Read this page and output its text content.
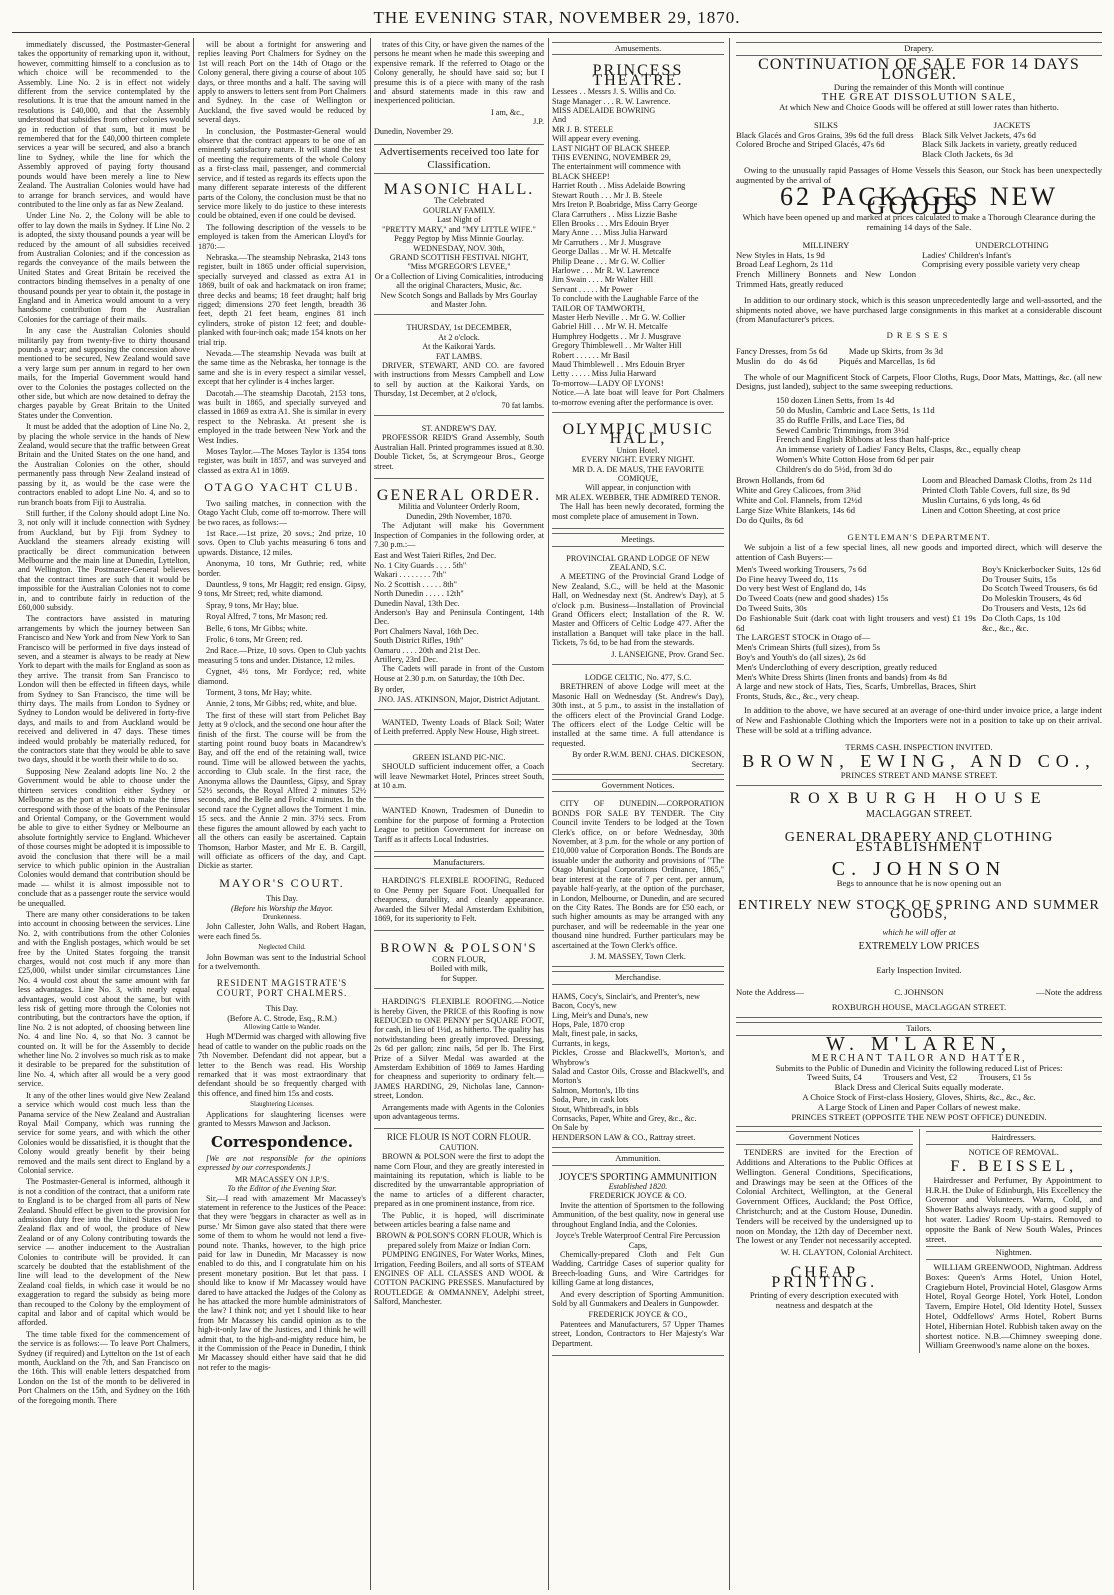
THE EVENING STAR, NOVEMBER 29, 1870.

immediately discussed, the Postmaster-General takes the opportunity of remarking upon it, without, however, committing himself to a conclusion as to which choice will be recommended to the Assembly. Line No. 2 is in effect not widely different from the service contemplated by the resolutions. It is true that the amount named in the resolutions is £40,000, and that the Assembly understood that subsidies from other colonies would go in reduction of that sum, but it must be remembered that for the £40,000 thirteen complete services a year will be secured, and also a branch line to Sydney, while the line for which the Assembly approved of paying forty thousand pounds would have been merely a line to New Zealand. The Australian Colonies would have had to arrange for branch services, and would have contributed to the line only as far as New Zealand.

Under Line No. 2, the Colony will be able to offer to lay down the mails in Sydney. If Line No. 2 is adopted, the sixty thousand pounds a year will be reduced by the amount of all subsidies received from Australian Colonies; and if the concession as regards the conveyance of the mails between the United States and Great Britain be received the contractors binding themselves in a penalty of one thousand pounds per year to obtain it, the postage in England and in America would amount to a very handsome contribution from the Australian Colonies for the carriage of their mails.

In any case the Australian Colonies should militarily pay from twenty-five to thirty thousand pounds a year; and supposing the concession above mentioned to be secured, New Zealand would save a very large sum per annum in regard to her own mails, for the Imperial Government would hand over to the Colonies the postages collected on the other side, but which are now detained to defray the charges payable by Great Britain to the United States under the Convention.

It must be added that the adoption of Line No. 2, by placing the whole service in the hands of New Zealand, would secure that the traffic between Great Britain and the United States on the one hand, and the Australian Colonies on the other, should permanently pass through New Zealand instead of passing by it, as would be the case were the contractors enabled to adopt Line No. 4, and so to run branch boats from Fiji to Australia.

Still further, if the Colony should adopt Line No. 3, not only will it include connection with Sydney from Auckland, but by Fiji from Sydney to Auckland the steamers already existing will practically be direct communication between Melbourne and the main line at Dunedin, Lyttelton, and Wellington. The Postmaster-General believes that the contract times are such that it would be impossible for the Australian Colonies not to come in, and to contribute fairly in reduction of the £60,000 subsidy.

The contractors have assisted in maturing arrangements by which the journey between San Francisco and New York and from New York to San Francisco will be performed in five days instead of seven, and a steamer is always to be ready at New York to depart with the mails for England as soon as they arrive. The transit from San Francisco to London will then be effected in fifteen days, while from Sydney to San Francisco, the time will be thirty days. The mails from London to Sydney or Sydney to London would be delivered in forty-five days, and mails to and from Auckland would be received and delivered in 47 days. These times indeed would probably be materially reduced, for the contractors state that they would be able to save two days, should it be worth their while to do so.

Supposing New Zealand adopts line No. 2 the Government would be able to choose under the thirteen services condition either Sydney or Melbourne as the port at which to make the times correspond with those of the boats of the Peninsular and Oriental Company, or the Government would be able to give to either Sydney or Melbourne an absolute fortnightly service to England. Whichever of those courses might be adopted it is impossible to avoid the conclusion that there will be a mail service to which public opinion in the Australian Colonies would demand that contribution should be made — whilst it is almost impossible not to conclude that as a passenger route the service would be unequalled.

There are many other considerations to be taken into account in choosing between the services. Line No. 2, with contributions from the other Colonies and with the English postages, which would be set free by the United States forgoing the transit charges, would not cost much if any more than £25,000, whilst under similar circumstances Line No. 4 would cost about the same amount with far less advantages. Line No. 3, with nearly equal advantages, would cost about the same, but with less risk of getting more through the Colonies not contributing, but the contractors have the option, if line No. 2 is not adopted, of choosing between line No. 4 and line No. 4, so that No. 3 cannot be counted on. It will be for the Assembly to decide whether line No. 2 involves so much risk as to make it desirable to be prepared for the substitution of line No. 4, which after all would be a very good service.

It any of the other lines would give New Zealand a service which would cost much less than the Panama service of the New Zealand and Australian Royal Mail Company, which was running the service for some years, and with which the other Colonies would be dissatisfied, it is thought that the Colony would greatly benefit by their being removed and the mails sent direct to England by a Colonial service.

The Postmaster-General is informed, although it is not a condition of the contract, that a uniform rate to England is to be charged from all parts of New Zealand. Should effect be given to the provision for admission duty free into the United States of New Zealand flax and of wool, the produce of New Zealand or of any Colony contributing towards the service — another inducement to the Australian Colonies to contribute will be provided. It can scarcely be doubted that the establishment of the line will lead to the development of the New Zealand coal fields, in which case it would be no exaggeration to regard the subsidy as being more than recouped to the Colony by the employment of capital and labor and of capital which would be afforded.

The time table fixed for the commencement of the service is as follows:— To leave Port Chalmers, Sydney (if required) and Lyttelton on the 1st of each month, Auckland on the 7th, and San Francisco on the 16th. This will enable letters despatched from London on the 1st of the month to be delivered in Port Chalmers on the 15th, and Sydney on the 16th of the foregoing month. There

will be about a fortnight for answering and replies leaving Port Chalmers for Sydney on the 1st will reach Port on the 14th of Otago or the Colony general, there giving a course of about 105 days, or three months and a half. The saving will apply to answers to letters sent from Port Chalmers and Sydney. In the case of Wellington or Auckland, the five saved would be reduced by several days.

In conclusion, the Postmaster-General would observe that the contract appears to be one of an eminently satisfactory nature. It will stand the test of meeting the requirements of the whole Colony as a first-class mail, passenger, and commercial service, and if tested as regards its effects upon the many different separate interests of the different parts of the Colony, the conclusion must be that no service more likely to do justice to these interests could be obtained, even if one could be devised.

The following description of the vessels to be employed is taken from the American Lloyd's for 1870:—

Nebraska.—The steamship Nebraska, 2143 tons register, built in 1865 under official supervision, specially surveyed and classed as extra A1 in 1869, built of oak and hackmatack on iron frame; three decks and beams; 18 feet draught; half brig rigged; dimensions 270 feet length, breadth 36 feet, depth 21 feet beam, engines 81 inch cylinders, stroke of piston 12 feet; and double-planked with four-inch oak; made 154 knots on her trial trip.

Nevada.—The steamship Nevada was built at the same time as the Nebraska, her tonnage is the same and she is in every respect a similar vessel, except that her cylinder is 4 inches larger.

Dacotah.—The steamship Dacotah, 2153 tons, was built in 1865, and specially surveyed and classed in 1869 as extra A1. She is similar in every respect to the Nebraska. At present she is employed in the trade between New York and the West Indies.

Moses Taylor.—The Moses Taylor is 1354 tons register, was built in 1857, and was surveyed and classed as extra A1 in 1869.

OTAGO YACHT CLUB.

Two sailing matches, in connection with the Otago Yacht Club, come off to-morrow. There will be two races, as follows:—

1st Race.—1st prize, 20 sovs.; 2nd prize, 10 sovs. Open to Club yachts measuring 6 tons and upwards. Distance, 12 miles.

Anonyma, 10 tons, Mr Guthrie; red, white border.

Dauntless, 9 tons, Mr Haggit; red ensign. Gipsy, 9 tons, Mr Street; red, white diamond.

Spray, 9 tons, Mr Hay; blue.

Royal Alfred, 7 tons, Mr Mason; red.

Belle, 6 tons, Mr Gibbs; white.

Frolic, 6 tons, Mr Green; red.

2nd Race.—Prize, 10 sovs. Open to Club yachts measuring 5 tons and under. Distance, 12 miles.

Cygnet, 4½ tons, Mr Fordyce; red, white diamond.

Torment, 3 tons, Mr Hay; white.

Annie, 2 tons, Mr Gibbs; red, white, and blue.

The first of these will start from Pelichet Bay Jetty at 9 o'clock, and the second one hour after the finish of the first. The course will be from the starting point round buoy boats in Macandrew's Bay, and off the end of the retaining wall, twice round. Time will be allowed between the yachts, according to Club scale. In the first race, the Anonyma allows the Dauntless, Gipsy, and Spray 52½ seconds, the Royal Alfred 2 minutes 52½ seconds, and the Belle and Frolic 4 minutes. In the second race the Cygnet allows the Torment 1 min. 15 secs. and the Annie 2 min. 37½ secs. From these figures the amount allowed by each yacht to all the others can easily be ascertained. Captain Thomson, Harbor Master, and Mr E. B. Cargill, will officiate as officers of the day, and Capt. Dickie as starter.

MAYOR'S COURT.
This Day.
(Before his Worship the Mayor.
Drunkenness.

John Callester, John Walls, and Robert Hagan, were each fined 5s.

Neglected Child.

John Bowman was sent to the Industrial School for a twelvemonth.

RESIDENT MAGISTRATE'S COURT, PORT CHALMERS.
This Day.
(Before A. C. Strode, Esq., R.M.)
Allowing Cattle to Wander.

Hugh M'Dermid was charged with allowing five head of cattle to wander on the public roads on the 7th November. Defendant did not appear, but a letter to the Bench was read. His Worship remarked that it was most extraordinary that defendant should be so frequently charged with this offence, and fined him 15s and costs.

Slaughtering Licenses.

Applications for slaughtering licenses were granted to Messrs Mawson and Jackson.

Correspondence.

[We are not responsible for the opinions expressed by our correspondents.]

MR MACASSEY ON J.P.'S.
To the Editor of the Evening Star.

Sir,—I read with amazement Mr Macassey's statement in reference to the Justices of the Peace: that they were 'beggars in character as well as in purse.' Mr Simon gave also stated that there were some of them to whom he would not lend a five-pound note. Thanks, however, to the high price paid for law in Dunedin, Mr Macassey is now enabled to do this, and I congratulate him on his present monetary position. But let that pass. I should like to know if Mr Macassey would have dared to have attacked the Judges of the Colony as he has attacked the more humble administrators of the law? I think not; and yet I should like to hear from Mr Macassey his candid opinion as to the high-it-only law of the Justices, and I think he will admit that, to the high-and-mighty reduce him, be it the Commission of the Peace in Dunedin, I think Mr Macassey should either have said that he did not refer to the magis-

trates of this City, or have given the names of the persons he meant when he made this sweeping and expensive remark. If the referred to Otago or the Colony generally, he should have said so; but I presume this is of a piece with many of the rash and absurd statements made in this raw and inexperienced politician.

I am, &c.,
J.P.
Dunedin, November 29.
Advertisements received too late for Classification.
MASONIC HALL.
The Celebrated
GOURLAY FAMILY.
Last Night of
"PRETTY MARY," and "MY LITTLE WIFE."
Peggy Pegtop by Miss Minnie Gourlay.
WEDNESDAY, NOV. 30th,
GRAND SCOTTISH FESTIVAL NIGHT,
"Miss M'GREGOR'S LEVEE,"
Or a Collection of Living Comicalities, introducing all the original Characters, Music, &c.
New Scotch Songs and Ballads by Mrs Gourlay and Master John.
THURSDAY, 1st DECEMBER,
At 2 o'clock.
At the Kaikorai Yards.
FAT LAMBS.

DRIVER, STEWART, AND CO. are favored with instructions from Messrs Campbell and Low to sell by auction at the Kaikorai Yards, on Thursday, 1st December, at 2 o'clock,

70 fat lambs.
ST. ANDREW'S DAY.

PROFESSOR REID'S Grand Assembly, South Australian Hall. Printed programmes issued at 8.30. Double Ticket, 5s, at Scrymgeour Bros., George street.

GENERAL ORDER.
Militia and Volunteer Orderly Room,
Dunedin, 29th November, 1870.

The Adjutant will make his Government Inspection of Companies in the following order, at 7.30 p.m.:—

East and West Taieri Rifles, 2nd Dec.
No. 1 City Guards . . . . 5th"
Wakari . . . . . . . . 7th"
No. 2 Scottish . . . . . 8th"
North Dunedin . . . . . 12th"
Dunedin Naval, 13th Dec.
Anderson's Bay and Peninsula Contingent, 14th Dec.
Port Chalmers Naval, 16th Dec.
South District Rifles, 19th"
Oamaru . . . . 20th and 21st Dec.
Artillery, 23rd Dec.

The Cadets will parade in front of the Custom House at 2.30 p.m. on Saturday, the 10th Dec.

By order,
JNO. JAS. ATKINSON, Major, District Adjutant.

WANTED, Twenty Loads of Black Soil; Water of Leith preferred. Apply New House, High street.

GREEN ISLAND PIC-NIC.

SHOULD sufficient inducement offer, a Coach will leave Newmarket Hotel, Princes street South, at 10 a.m.

WANTED Known, Tradesmen of Dunedin to combine for the purpose of forming a Protection League to petition Government for increase on Tariff as it affects Local Industries.

Manufacturers.

HARDING'S FLEXIBLE ROOFING, Reduced to One Penny per Square Foot. Unequalled for cheapness, durability, and cleanly appearance. Awarded the Silver Medal Amsterdam Exhibition, 1869, for its superiority to Felt.

BROWN & POLSON'S
CORN FLOUR,
Boiled with milk,
for Supper.

HARDING'S FLEXIBLE ROOFING.—Notice is hereby Given, the PRICE of this Roofing is now REDUCED to ONE PENNY per SQUARE FOOT, for cash, in lieu of 1½d, as hitherto. The quality has notwithstanding been greatly improved. Dressing, 2s 6d per gallon; zinc nails, 5d per lb. The First Prize of a Silver Medal was awarded at the Amsterdam Exhibition of 1869 to James Harding for cheapness and superiority to ordinary felt.—JAMES HARDING, 29, Nicholas lane, Cannon-street, London.

Arrangements made with Agents in the Colonies upon advantageous terms.

RICE FLOUR IS NOT CORN FLOUR.
CAUTION.

BROWN & POLSON were the first to adopt the name Corn Flour, and they are greatly interested in maintaining its reputation, which is liable to be discredited by the unwarrantable appropriation of the name to articles of a different character, prepared as in one prominent instance, from rice.

The Public, it is hoped, will discriminate between articles bearing a false name and

BROWN & POLSON'S CORN FLOUR, Which is prepared solely from Maize or Indian Corn.

PUMPING ENGINES, For Water Works, Mines, Irrigation, Feeding Boilers, and all sorts of STEAM ENGINES OF ALL CLASSES AND WOOL & COTTON PACKING PRESSES. Manufactured by ROUTLEDGE & OMMANNEY, Adelphi street, Salford, Manchester.

Amusements.
PRINCESS THEATRE.
Lessees . . Messrs J. S. Willis and Co.
Stage Manager . . . R. W. Lawrence.
MISS ADELAIDE BOWRING
And
MR J. B. STEELE
Will appear every evening.
LAST NIGHT OF BLACK SHEEP.
THIS EVENING, NOVEMBER 29,
The entertainment will commence with
BLACK SHEEP!
Harriet Routh . . Miss Adelaide Bowring
Stewart Routh . . . Mr J. B. Steele
Mrs Ireton P. Boabridge, Miss Carry George
Clara Carruthers . . Miss Lizzie Bashe
Ellen Brooks . . . Mrs Edouin Bryer
Mary Anne . . . Miss Julia Harward
Mr Carruthers . . Mr J. Musgrave
George Dallas . . Mr W. H. Metcalfe
Philip Deane . . . Mr G. W. Collier
Harlowe . . . Mr R. W. Lawrence
Jim Swain . . . . Mr Walter Hill
Servant . . . . . Mr Power
To conclude with the Laughable Farce of the
TAILOR OF TAMWORTH,
Master Herb Neville . . Mr G. W. Collier
Gabriel Hill . . . Mr W. H. Metcalfe
Humphrey Hodgetts . . Mr J. Musgrave
Gregory Thimblewell . . Mr Walter Hill
Robert . . . . . . Mr Basil
Maud Thimblewell . . Mrs Edouin Bryer
Letty . . . . . Miss Julia Harward
To-morrow—LADY OF LYONS!
Notice.—A late boat will leave for Port Chalmers to-morrow evening after the performance is over.
OLYMPIC MUSIC HALL,
Union Hotel.
EVERY NIGHT. EVERY NIGHT.
MR D. A. DE MAUS, THE FAVORITE COMIQUE,
Will appear, in conjunction with
MR ALEX. WEBBER, THE ADMIRED TENOR.

The Hall has been newly decorated, forming the most complete place of amusement in Town.

Meetings.
PROVINCIAL GRAND LODGE OF NEW ZEALAND, S.C.

A MEETING of the Provincial Grand Lodge of New Zealand, S.C., will be held at the Masonic Hall, on Wednesday next (St. Andrew's Day), at 5 o'clock p.m. Business—Installation of Provincial Grand Officers elect; Installation of the R. W. Master and Officers of Celtic Lodge 477. After the installation a Banquet will take place in the hall. Tickets, 7s 6d, to be had from the stewards.

J. LANSEIGNE, Prov. Grand Sec.
LODGE CELTIC, No. 477, S.C.

BRETHREN of above Lodge will meet at the Masonic Hall on Wednesday (St. Andrew's Day), 30th inst., at 5 p.m., to assist in the installation of the officers elect of the Provincial Grand Lodge. The officers elect of the Lodge Celtic will be installed at the same time. A full attendance is requested.

By order R.W.M. BENJ. CHAS. DICKESON, Secretary.
Government Notices.

CITY OF DUNEDIN.—CORPORATION BONDS FOR SALE BY TENDER. The City Council invite Tenders to be lodged at the Town Clerk's office, on or before Wednesday, 30th November, at 3 p.m. for the whole or any portion of £10,000 value of Corporation Bonds. The Bonds are issuable under the authority and provisions of "The Otago Municipal Corporations Ordinance, 1865," bear interest at the rate of 7 per cent. per annum, payable half-yearly, at the option of the purchaser, in London, Melbourne, or Dunedin, and are secured on the City Rates. The Bonds are for £50 each, or such higher amounts as may be arranged with any purchaser, and will be redeemable in the year one thousand nine hundred. Further particulars may be ascertained at the Town Clerk's office.

J. M. MASSEY, Town Clerk.
Merchandise.
HAMS, Cocy's, Sinclair's, and Prenter's, new
Bacon, Cocy's, new
Ling, Meir's and Duna's, new
Hops, Pale, 1870 crop
Malt, finest pale, in sacks,
Currants, in kegs,
Pickles, Crosse and Blackwell's, Morton's, and Whybrow's
Salad and Castor Oils, Crosse and Blackwell's, and Morton's
Salmon, Morton's, 1lb tins
Soda, Pure, in cask lots
Stout, Whitbread's, in bbls
Cornsacks, Paper, White and Grey, &c., &c.
On Sale by
HENDERSON LAW & CO., Rattray street.
Ammunition.
JOYCE'S SPORTING AMMUNITION
Established 1820.
FREDERICK JOYCE & CO.

Invite the attention of Sportsmen to the following Ammunition, of the best quality, now in general use throughout England India, and the Colonies.

Joyce's Treble Waterproof Central Fire Percussion Caps,

Chemically-prepared Cloth and Felt Gun Wadding, Cartridge Cases of superior quality for Breech-loading Guns, and Wire Cartridges for killing Game at long distances,

And every description of Sporting Ammunition. Sold by all Gunmakers and Dealers in Gunpowder.

FREDERICK JOYCE & CO.,

Patentees and Manufacturers, 57 Upper Thames street, London, Contractors to Her Majesty's War Department.

Drapery.
CONTINUATION OF SALE FOR 14 DAYS LONGER.
During the remainder of this Month will continue
THE GREAT DISSOLUTION SALE,
At which New and Choice Goods will be offered at still lower rates than hitherto.
SILKS
Black Glacés and Gros Grains, 39s 6d the full dress
Colored Broche and Striped Glacés, 47s 6d
JACKETS
Black Silk Velvet Jackets, 47s 6d
Black Silk Jackets in variety, greatly reduced
Black Cloth Jackets, 6s 3d

Owing to the unusually rapid Passages of Home Vessels this Season, our Stock has been unexpectedly augmented by the arrival of

62 PACKAGES NEW GOODS
Which have been opened up and marked at prices calculated to make a Thorough Clearance during the remaining 14 days of the Sale.
MILLINERY
New Styles in Hats, 1s 9d
Broad Leaf Leghorn, 2s 11d
French Millinery Bonnets and New London Trimmed Hats, greatly reduced
UNDERCLOTHING
Ladies' Children's Infant's
Comprising every possible variety very cheap

In addition to our ordinary stock, which is this season unprecedentedly large and well-assorted, and the shipments noted above, we have purchased large consignments in this market at a considerable discount (from Manufacturer's prices.

DRESSES
Fancy Dresses, from 5s 6d          Made up Skirts, from 3s 3d
Muslin   do    do   4s 6d          Piqués and Marcellas, 1s 6d

The whole of our Magnificent Stock of Carpets, Floor Cloths, Rugs, Door Mats, Mattings, &c. (all new Designs, just landed), subject to the same sweeping reductions.

150 dozen Linen Setts, from 1s 4d
50 do Muslin, Cambric and Lace Setts, 1s 11d
35 do Ruffle Frills, and Lace Ties, 8d
Sewed Cambric Trimmings, from 3½d
French and English Ribbons at less than half-price
An immense variety of Ladies' Fancy Belts, Clasps, &c., equally cheap
Women's White Cotton Hose from 6d per pair
Children's do do 5½d, from 3d do
Brown Hollands, from 6d
White and Grey Calicoes, from 3¾d
White and Col. Flannels, from 12½d
Large Size White Blankets, 14s 6d
Do do Quilts, 8s 6d
Loom and Bleached Damask Cloths, from 2s 11d
Printed Cloth Table Covers, full size, 8s 9d
Muslin Curtains, 6 yds long, 4s 6d
Linen and Cotton Sheeting, at cost price
GENTLEMAN'S DEPARTMENT.

We subjoin a list of a few special lines, all new goods and imported direct, which will deserve the attention of Cash Buyers:—

Men's Tweed working Trousers, 7s 6d
Do Fine heavy Tweed do, 11s
Do very best West of England do, 14s
Do Tweed Coats (new and good shades) 15s
Do Tweed Suits, 30s
Do Fashionable Suit (dark coat with light trousers and vest) £1 19s 6d
The LARGEST STOCK in Otago of—
Men's Crimean Shirts (full sizes), from 5s
Boy's and Youth's do (all sizes), 2s 6d
Men's Underclothing of every description, greatly reduced
Men's White Dress Shirts (linen fronts and bands) from 4s 8d
A large and new stock of Hats, Ties, Scarfs, Umbrellas, Braces, Shirt Fronts, Studs, &c., &c., very cheap.
Boy's Knickerbocker Suits, 12s 6d
Do Trouser Suits, 15s
Do Scotch Tweed Trousers, 6s 6d
Do Moleskin Trousers, 4s 6d
Do Trousers and Vests, 12s 6d
Do Cloth Caps, 1s 10d
&c., &c., &c.

In addition to the above, we have secured at an average of one-third under invoice price, a large indent of New and Fashionable Clothing which the Importers were not in a position to take up on their arrival. These will be sold at a trifling advance.

TERMS CASH. INSPECTION INVITED.
BROWN, EWING, AND CO.,
PRINCES STREET AND MANSE STREET.
ROXBURGH HOUSE
MACLAGGAN STREET.
GENERAL DRAPERY AND CLOTHING ESTABLISHMENT
C. JOHNSON
Begs to announce that he is now opening out an
ENTIRELY NEW STOCK OF SPRING AND SUMMER GOODS,
which he will offer at
EXTREMELY LOW PRICES
Early Inspection Invited.
Note the Address—	C. JOHNSON	—Note the address
ROXBURGH HOUSE, MACLAGGAN STREET.
Tailors.
W. M'LAREN,
MERCHANT TAILOR AND HATTER,
Submits to the Public of Dunedin and Vicinity the following reduced List of Prices:
Tweed Suits, £4          Trousers and Vest, £2          Trousers, £1 5s
Black Dress and Clerical Suits equally moderate.
A Choice Stock of First-class Hosiery, Gloves, Shirts, &c., &c., &c.
A Large Stock of Linen and Paper Collars of newest make.
PRINCES STREET (OPPOSITE THE NEW POST OFFICE) DUNEDIN.
Government Notices

TENDERS are invited for the Erection of Additions and Alterations to the Public Offices at Wellington. General Conditions, Specifications, and Drawings may be seen at the Offices of the Colonial Architect, Wellington, at the General Government Offices, Auckland; the Post Office, Christchurch; and at the Custom House, Dunedin. Tenders will be received by the undersigned up to noon on Monday, the 12th day of December next. The lowest or any Tender not necessarily accepted.

W. H. CLAYTON, Colonial Architect.
CHEAP PRINTING.
Printing of every description executed with neatness and despatch at the
Hairdressers.
NOTICE OF REMOVAL.
F. BEISSEL,

Hairdresser and Perfumer, By Appointment to H.R.H. the Duke of Edinburgh, His Excellency the Governor and Volunteers. Warm, Cold, and Shower Baths always ready, with a good supply of hot water. Ladies' Room Up-stairs. Removed to opposite the Bank of New South Wales, Princes street.

Nightmen.

WILLIAM GREENWOOD, Nightman. Address Boxes: Queen's Arms Hotel, Union Hotel, Cragieburn Hotel, Provincial Hotel, Glasgow Arms Hotel, Royal George Hotel, York Hotel, London Tavern, Empire Hotel, Old Identity Hotel, Sussex Hotel, Oddfellows' Arms Hotel, Robert Burns Hotel, Hibernian Hotel. Rubbish taken away on the shortest notice. N.B.—Chimney sweeping done. William Greenwood's name alone on the boxes.
